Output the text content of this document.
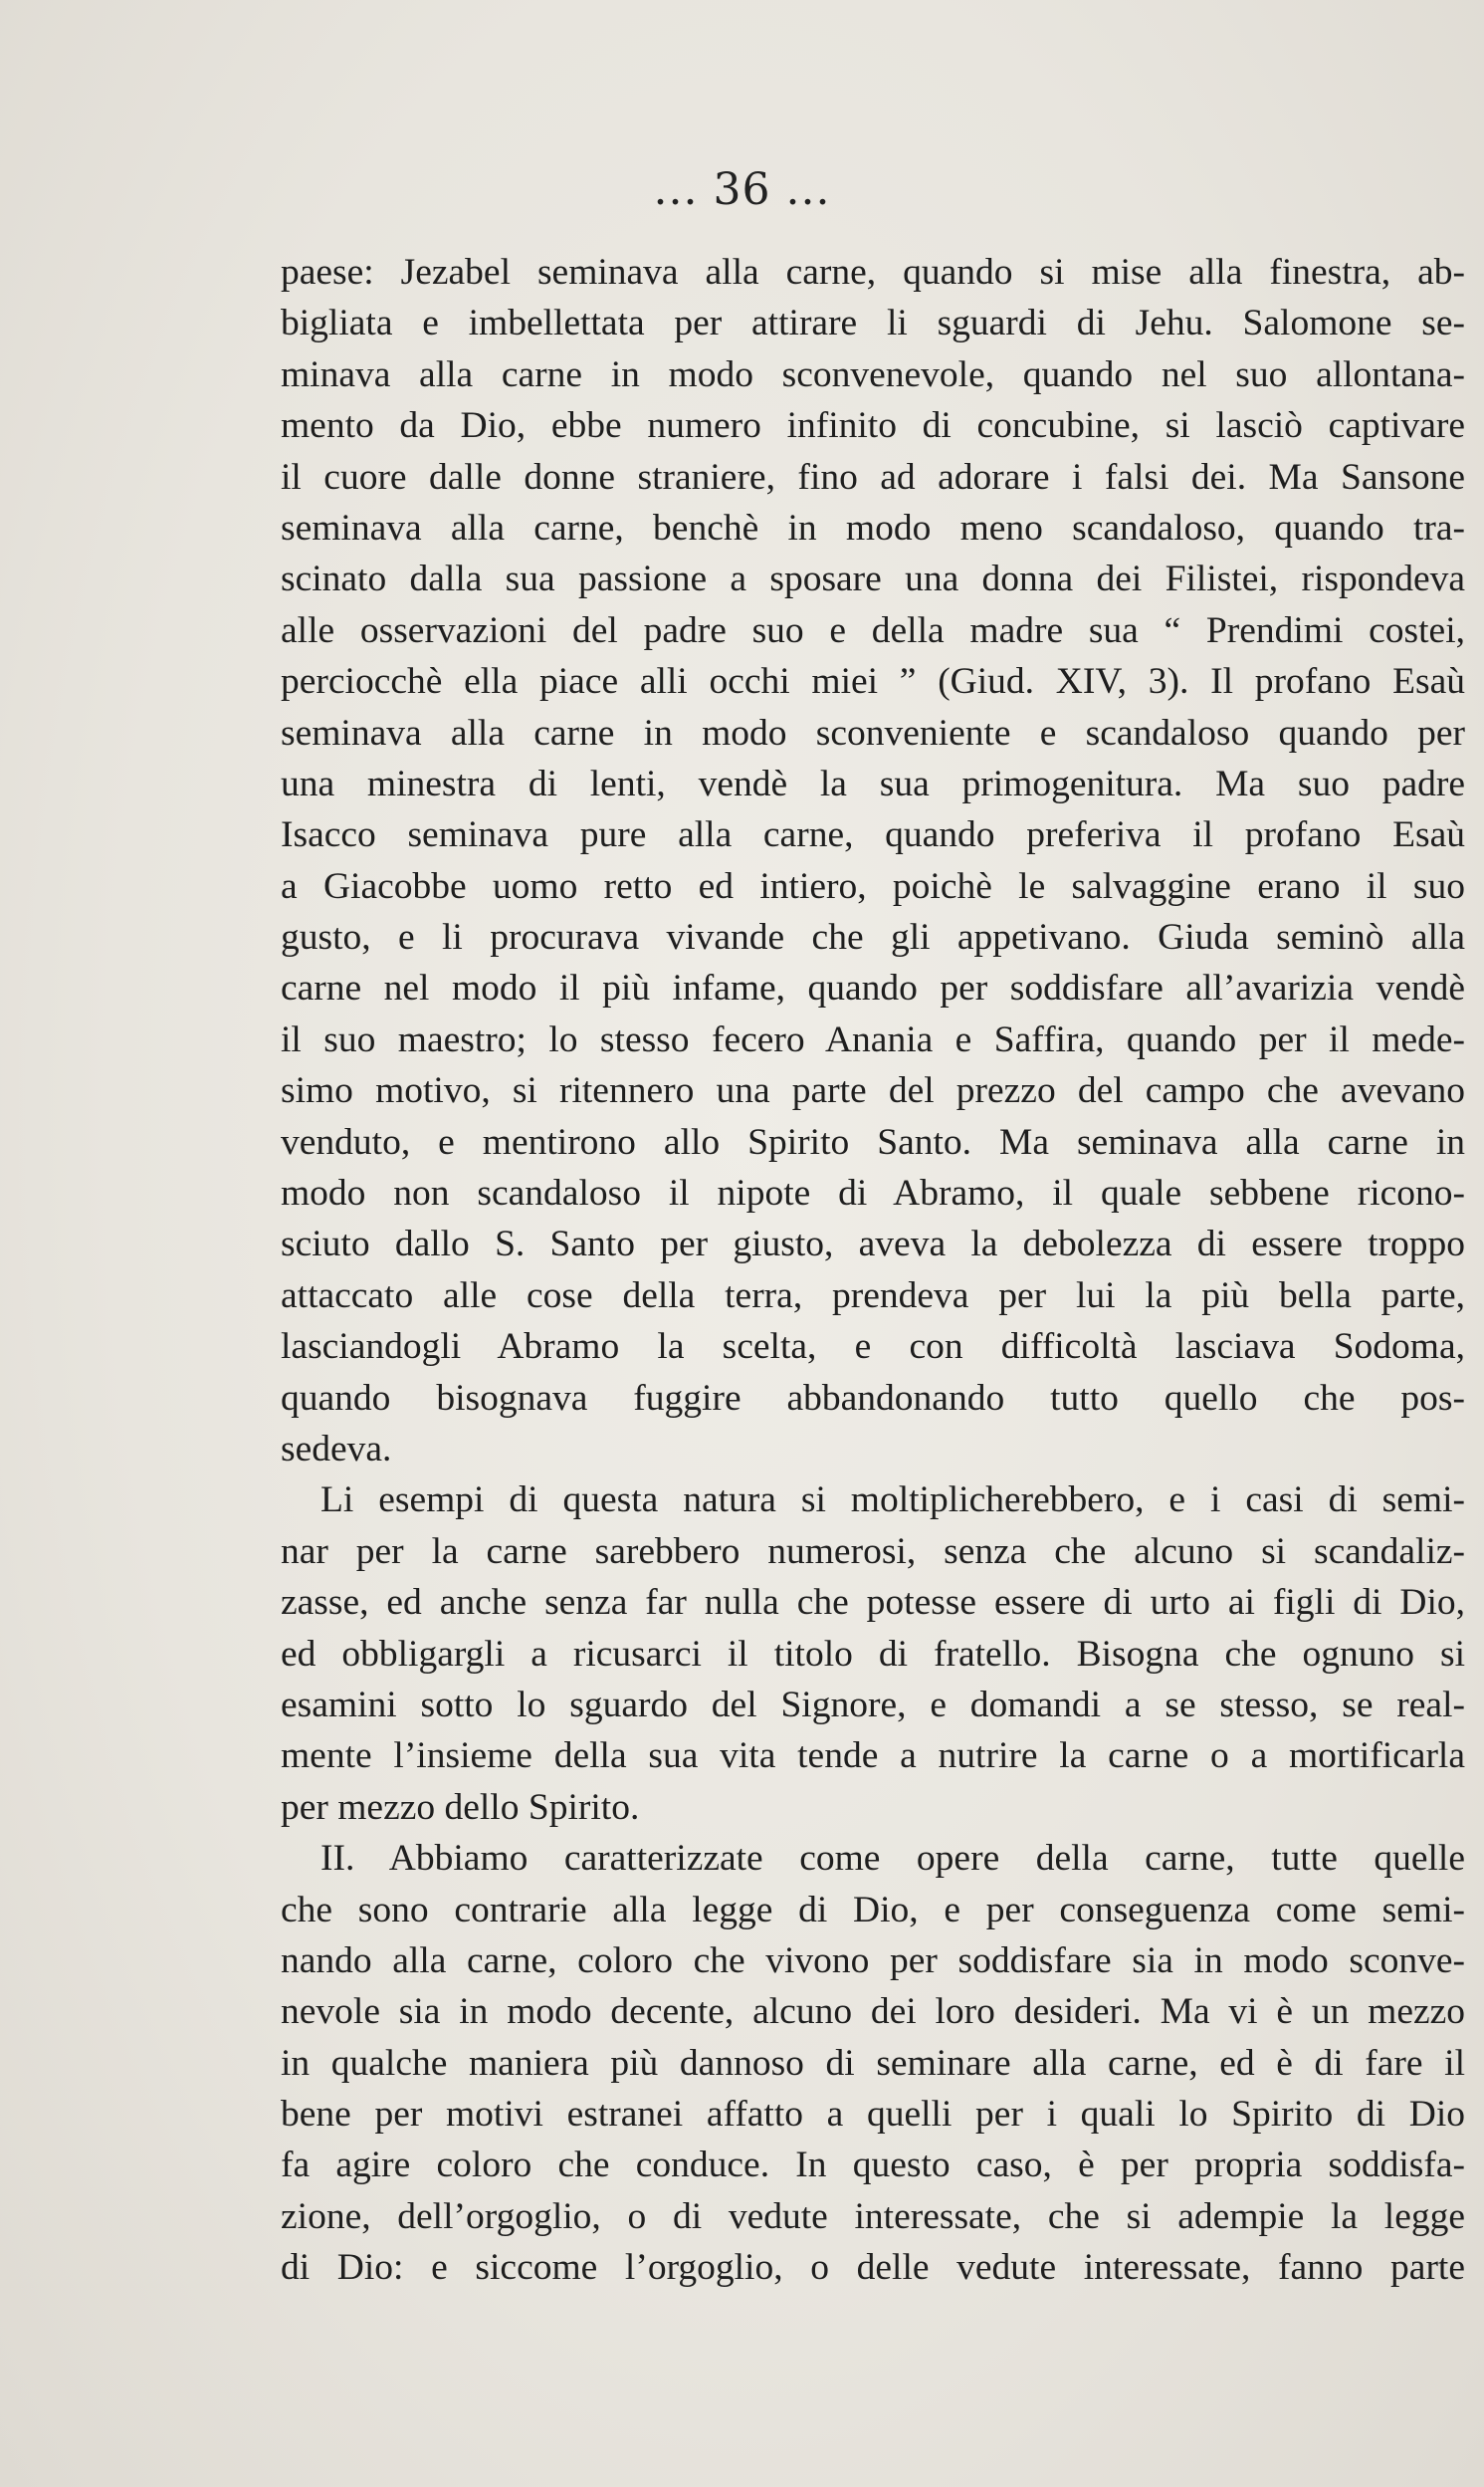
... 36 ...
paese: Jezabel seminava alla carne, quando si mise alla finestra, ab-
bigliata e imbellettata per attirare li sguardi di Jehu. Salomone se-
minava alla carne in modo sconvenevole, quando nel suo allontana-
mento da Dio, ebbe numero infinito di concubine, si lasciò captivare
il cuore dalle donne straniere, fino ad adorare i falsi dei. Ma Sansone
seminava alla carne, benchè in modo meno scandaloso, quando tra-
scinato dalla sua passione a sposare una donna dei Filistei, rispondeva
alle osservazioni del padre suo e della madre sua “ Prendimi costei,
perciocchè ella piace alli occhi miei ” (Giud. XIV, 3). Il profano Esaù
seminava alla carne in modo sconveniente e scandaloso quando per
una minestra di lenti, vendè la sua primogenitura. Ma suo padre
Isacco seminava pure alla carne, quando preferiva il profano Esaù
a Giacobbe uomo retto ed intiero, poichè le salvaggine erano il suo
gusto, e li procurava vivande che gli appetivano. Giuda seminò alla
carne nel modo il più infame, quando per soddisfare all’avarizia vendè
il suo maestro; lo stesso fecero Anania e Saffira, quando per il mede-
simo motivo, si ritennero una parte del prezzo del campo che avevano
venduto, e mentirono allo Spirito Santo. Ma seminava alla carne in
modo non scandaloso il nipote di Abramo, il quale sebbene ricono-
sciuto dallo S. Santo per giusto, aveva la debolezza di essere troppo
attaccato alle cose della terra, prendeva per lui la più bella parte,
lasciandogli Abramo la scelta, e con difficoltà lasciava Sodoma,
quando bisognava fuggire abbandonando tutto quello che pos-
sedeva.
Li esempi di questa natura si moltiplicherebbero, e i casi di semi-
nar per la carne sarebbero numerosi, senza che alcuno si scandaliz-
zasse, ed anche senza far nulla che potesse essere di urto ai figli di Dio,
ed obbligargli a ricusarci il titolo di fratello. Bisogna che ognuno si
esamini sotto lo sguardo del Signore, e domandi a se stesso, se real-
mente l’insieme della sua vita tende a nutrire la carne o a mortificarla
per mezzo dello Spirito.
II. Abbiamo caratterizzate come opere della carne, tutte quelle
che sono contrarie alla legge di Dio, e per conseguenza come semi-
nando alla carne, coloro che vivono per soddisfare sia in modo sconve-
nevole sia in modo decente, alcuno dei loro desideri. Ma vi è un mezzo
in qualche maniera più dannoso di seminare alla carne, ed è di fare il
bene per motivi estranei affatto a quelli per i quali lo Spirito di Dio
fa agire coloro che conduce. In questo caso, è per propria soddisfa-
zione, dell’orgoglio, o di vedute interessate, che si adempie la legge
di Dio: e siccome l’orgoglio, o delle vedute interessate, fanno parte
